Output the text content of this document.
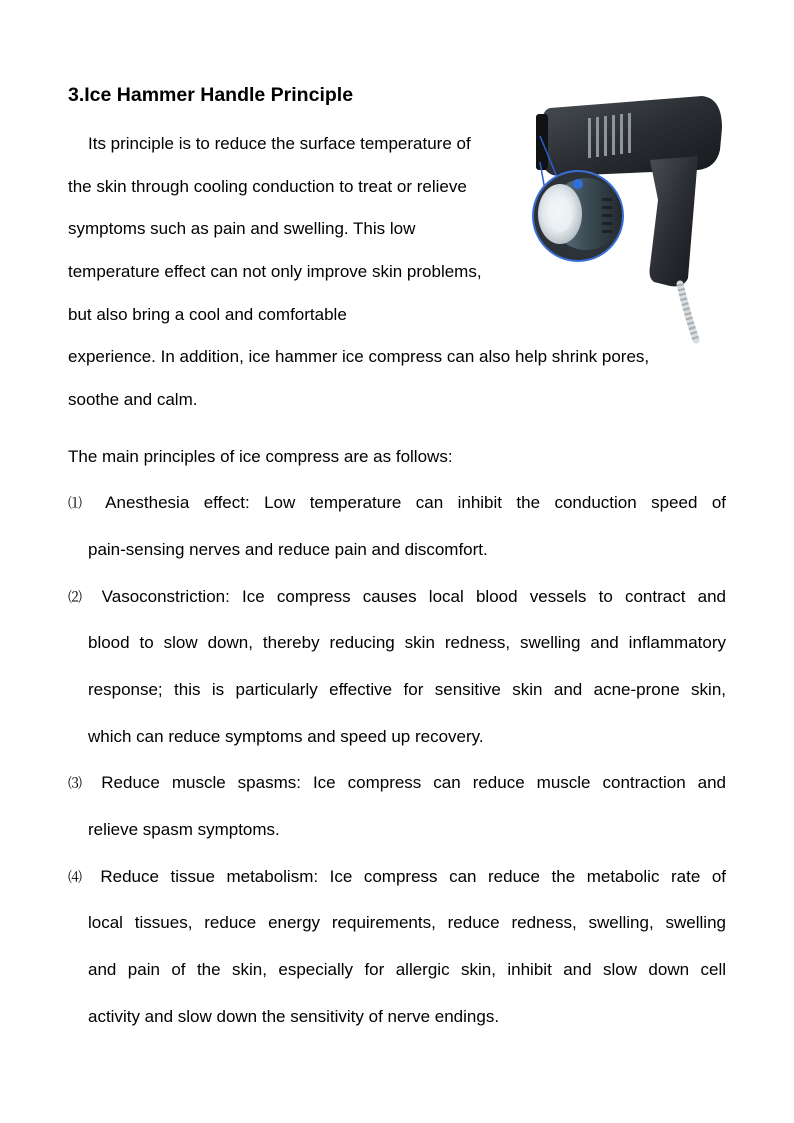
3.Ice Hammer Handle Principle
Its principle is to reduce the surface temperature of
the skin through cooling conduction to treat or relieve
symptoms such as pain and swelling. This low
temperature effect can not only improve skin problems,
but also bring a cool and comfortable
experience. In addition, ice hammer ice compress can also help shrink pores,
soothe and calm.
The main principles of ice compress are as follows:
⑴ Anesthesia effect: Low temperature can inhibit the conduction speed of
pain-sensing nerves and reduce pain and discomfort.
⑵ Vasoconstriction: Ice compress causes local blood vessels to contract and
blood to slow down, thereby reducing skin redness, swelling and inflammatory
response; this is particularly effective for sensitive skin and acne-prone skin,
which can reduce symptoms and speed up recovery.
⑶ Reduce muscle spasms: Ice compress can reduce muscle contraction and
relieve spasm symptoms.
⑷ Reduce tissue metabolism: Ice compress can reduce the metabolic rate of
local tissues, reduce energy requirements, reduce redness, swelling, swelling
and pain of the skin, especially for allergic skin, inhibit and slow down cell
activity and slow down the sensitivity of nerve endings.
